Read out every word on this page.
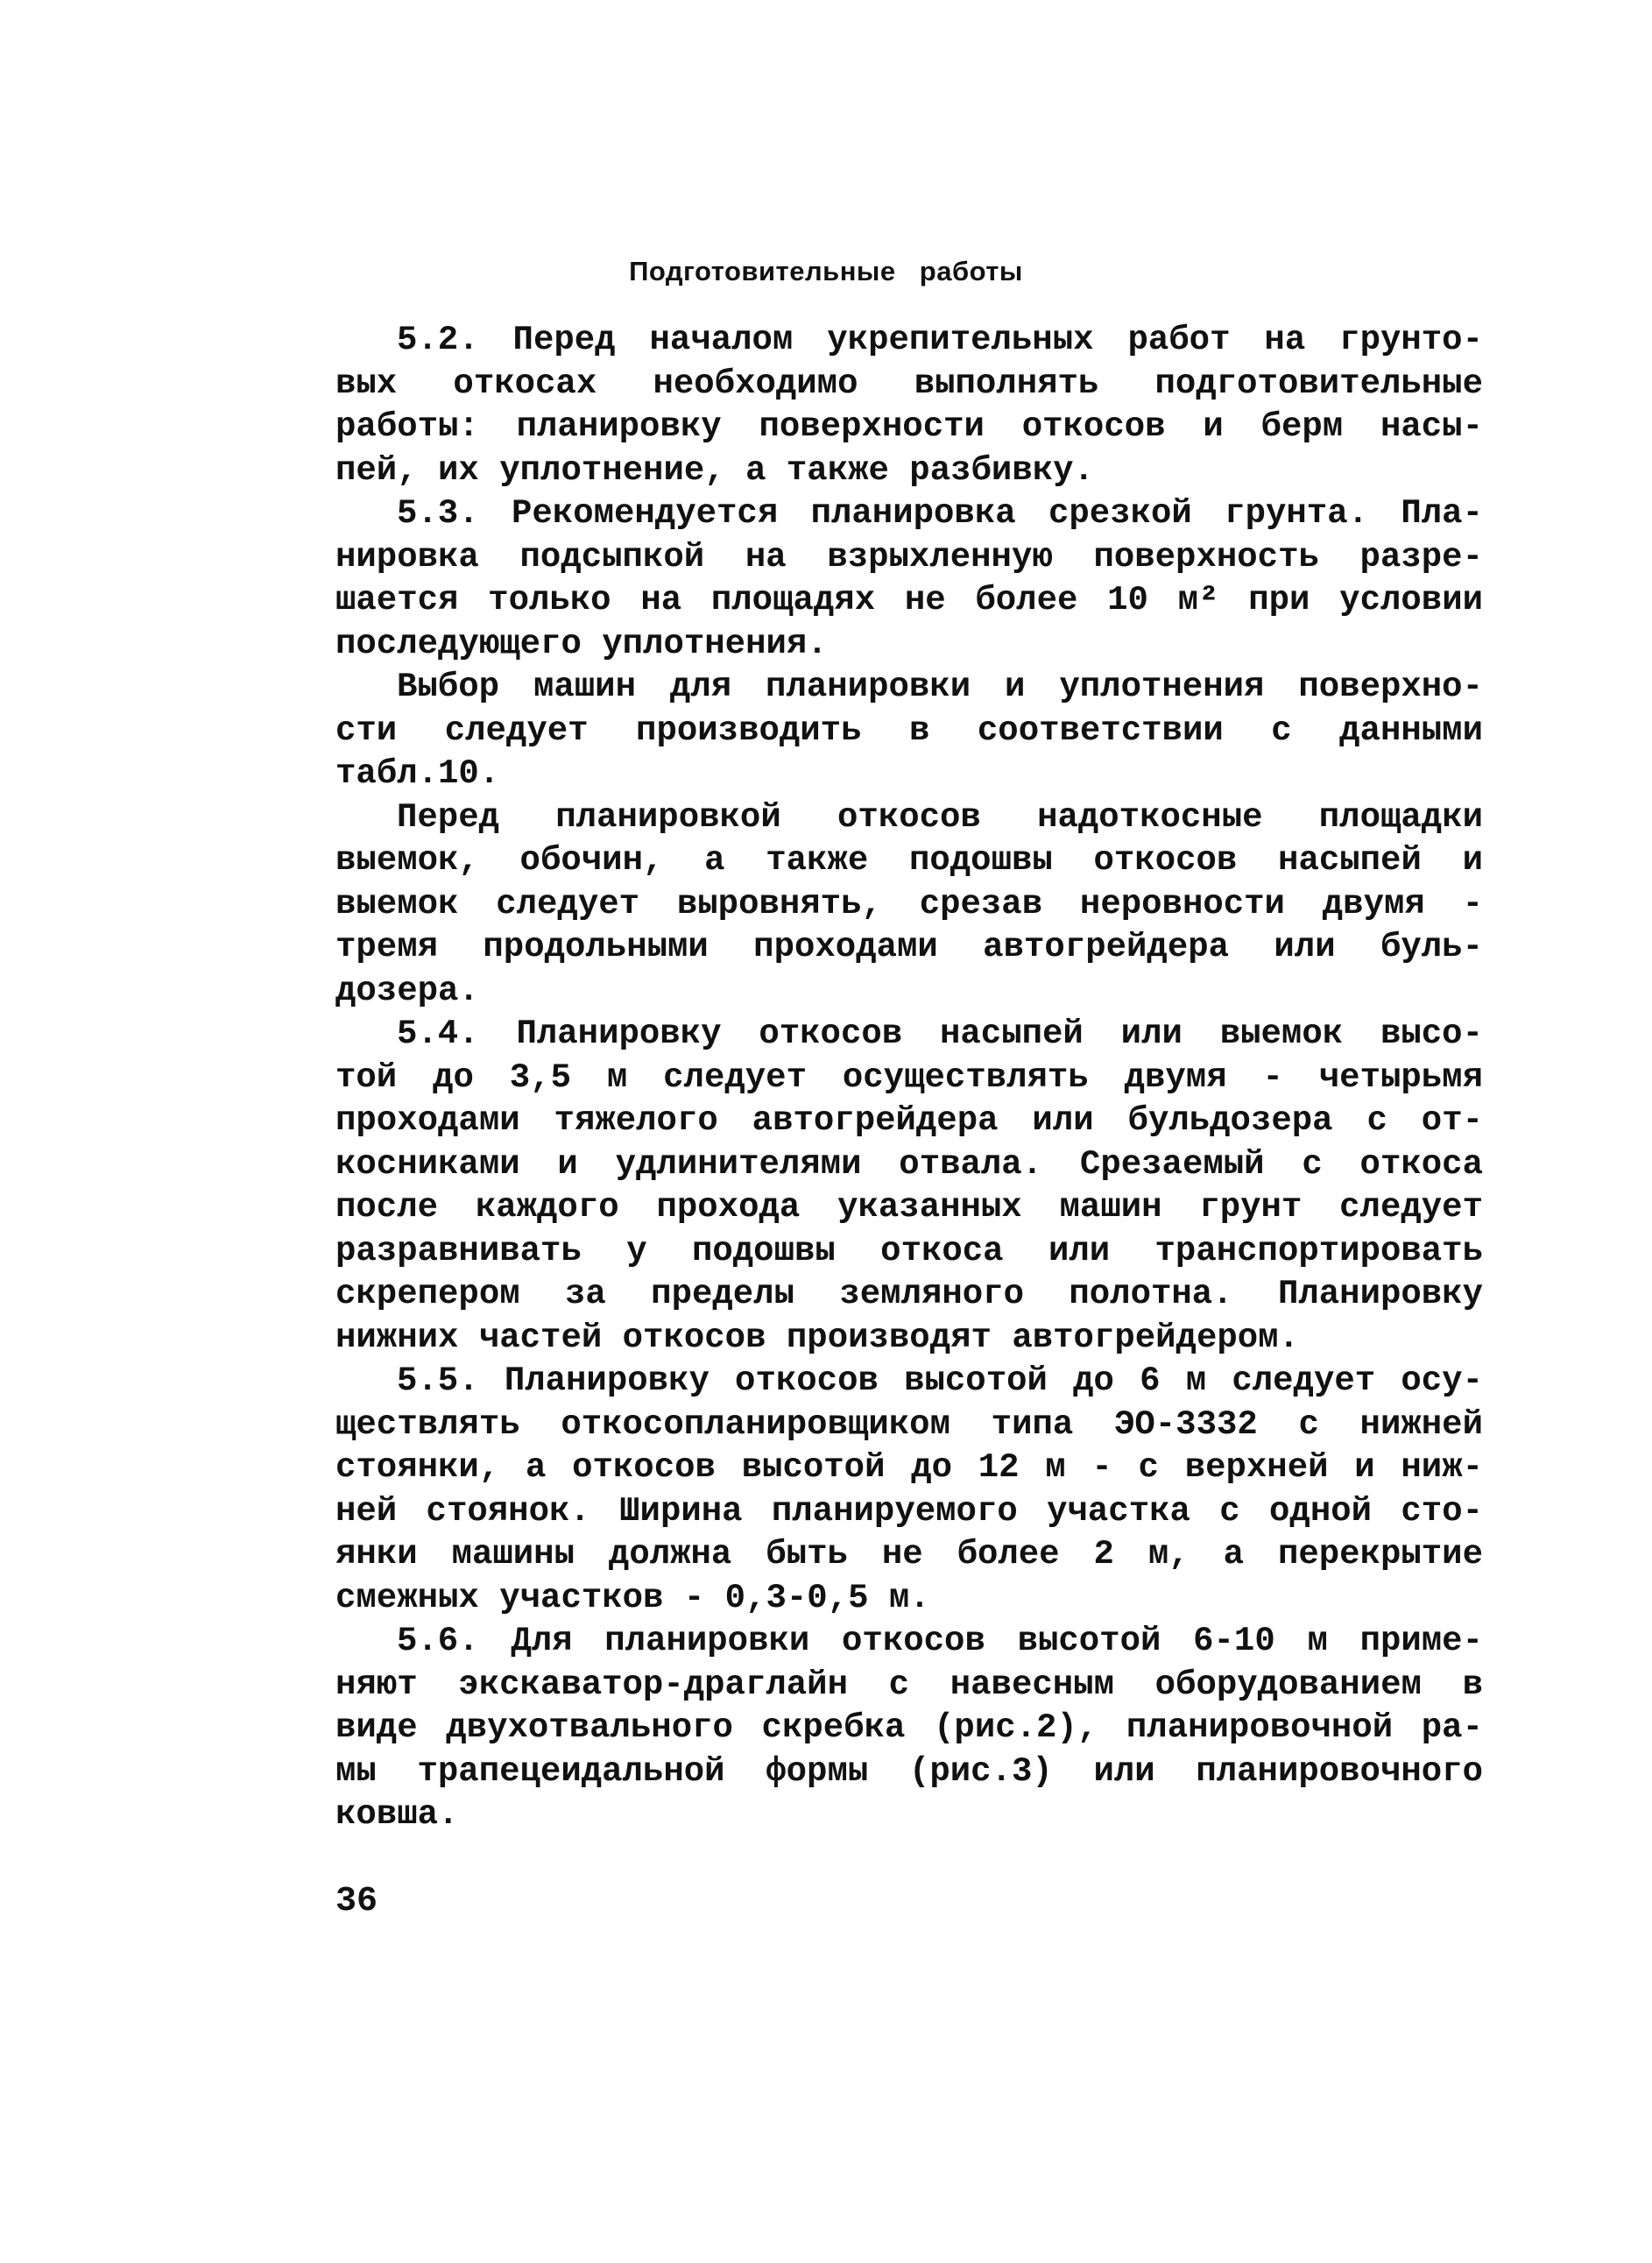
Подготовительные работы
5.2. Перед началом укрепительных работ на грунто-
вых откосах необходимо выполнять подготовительные
работы: планировку поверхности откосов и берм насы-
пей, их уплотнение, а также разбивку.
5.3. Рекомендуется планировка срезкой грунта. Пла-
нировка подсыпкой на взрыхленную поверхность разре-
шается только на площадях не более 10 м² при условии
последующего уплотнения.
Выбор машин для планировки и уплотнения поверхно-
сти следует производить в соответствии с данными
табл.10.
Перед планировкой откосов надоткосные площадки
выемок, обочин, а также подошвы откосов насыпей и
выемок следует выровнять, срезав неровности двумя -
тремя продольными проходами автогрейдера или буль-
дозера.
5.4. Планировку откосов насыпей или выемок высо-
той до 3,5 м следует осуществлять двумя - четырьмя
проходами тяжелого автогрейдера или бульдозера с от-
косниками и удлинителями отвала. Срезаемый с откоса
после каждого прохода указанных машин грунт следует
разравнивать у подошвы откоса или транспортировать
скрепером за пределы земляного полотна. Планировку
нижних частей откосов производят автогрейдером.
5.5. Планировку откосов высотой до 6 м следует осу-
ществлять откосопланировщиком типа ЭО-3332 с нижней
стоянки, а откосов высотой до 12 м - с верхней и ниж-
ней стоянок. Ширина планируемого участка с одной сто-
янки машины должна быть не более 2 м, а перекрытие
смежных участков - 0,3-0,5 м.
5.6. Для планировки откосов высотой 6-10 м приме-
няют экскаватор-драглайн с навесным оборудованием в
виде двухотвального скребка (рис.2), планировочной ра-
мы трапецеидальной формы (рис.3) или планировочного
ковша.
36
